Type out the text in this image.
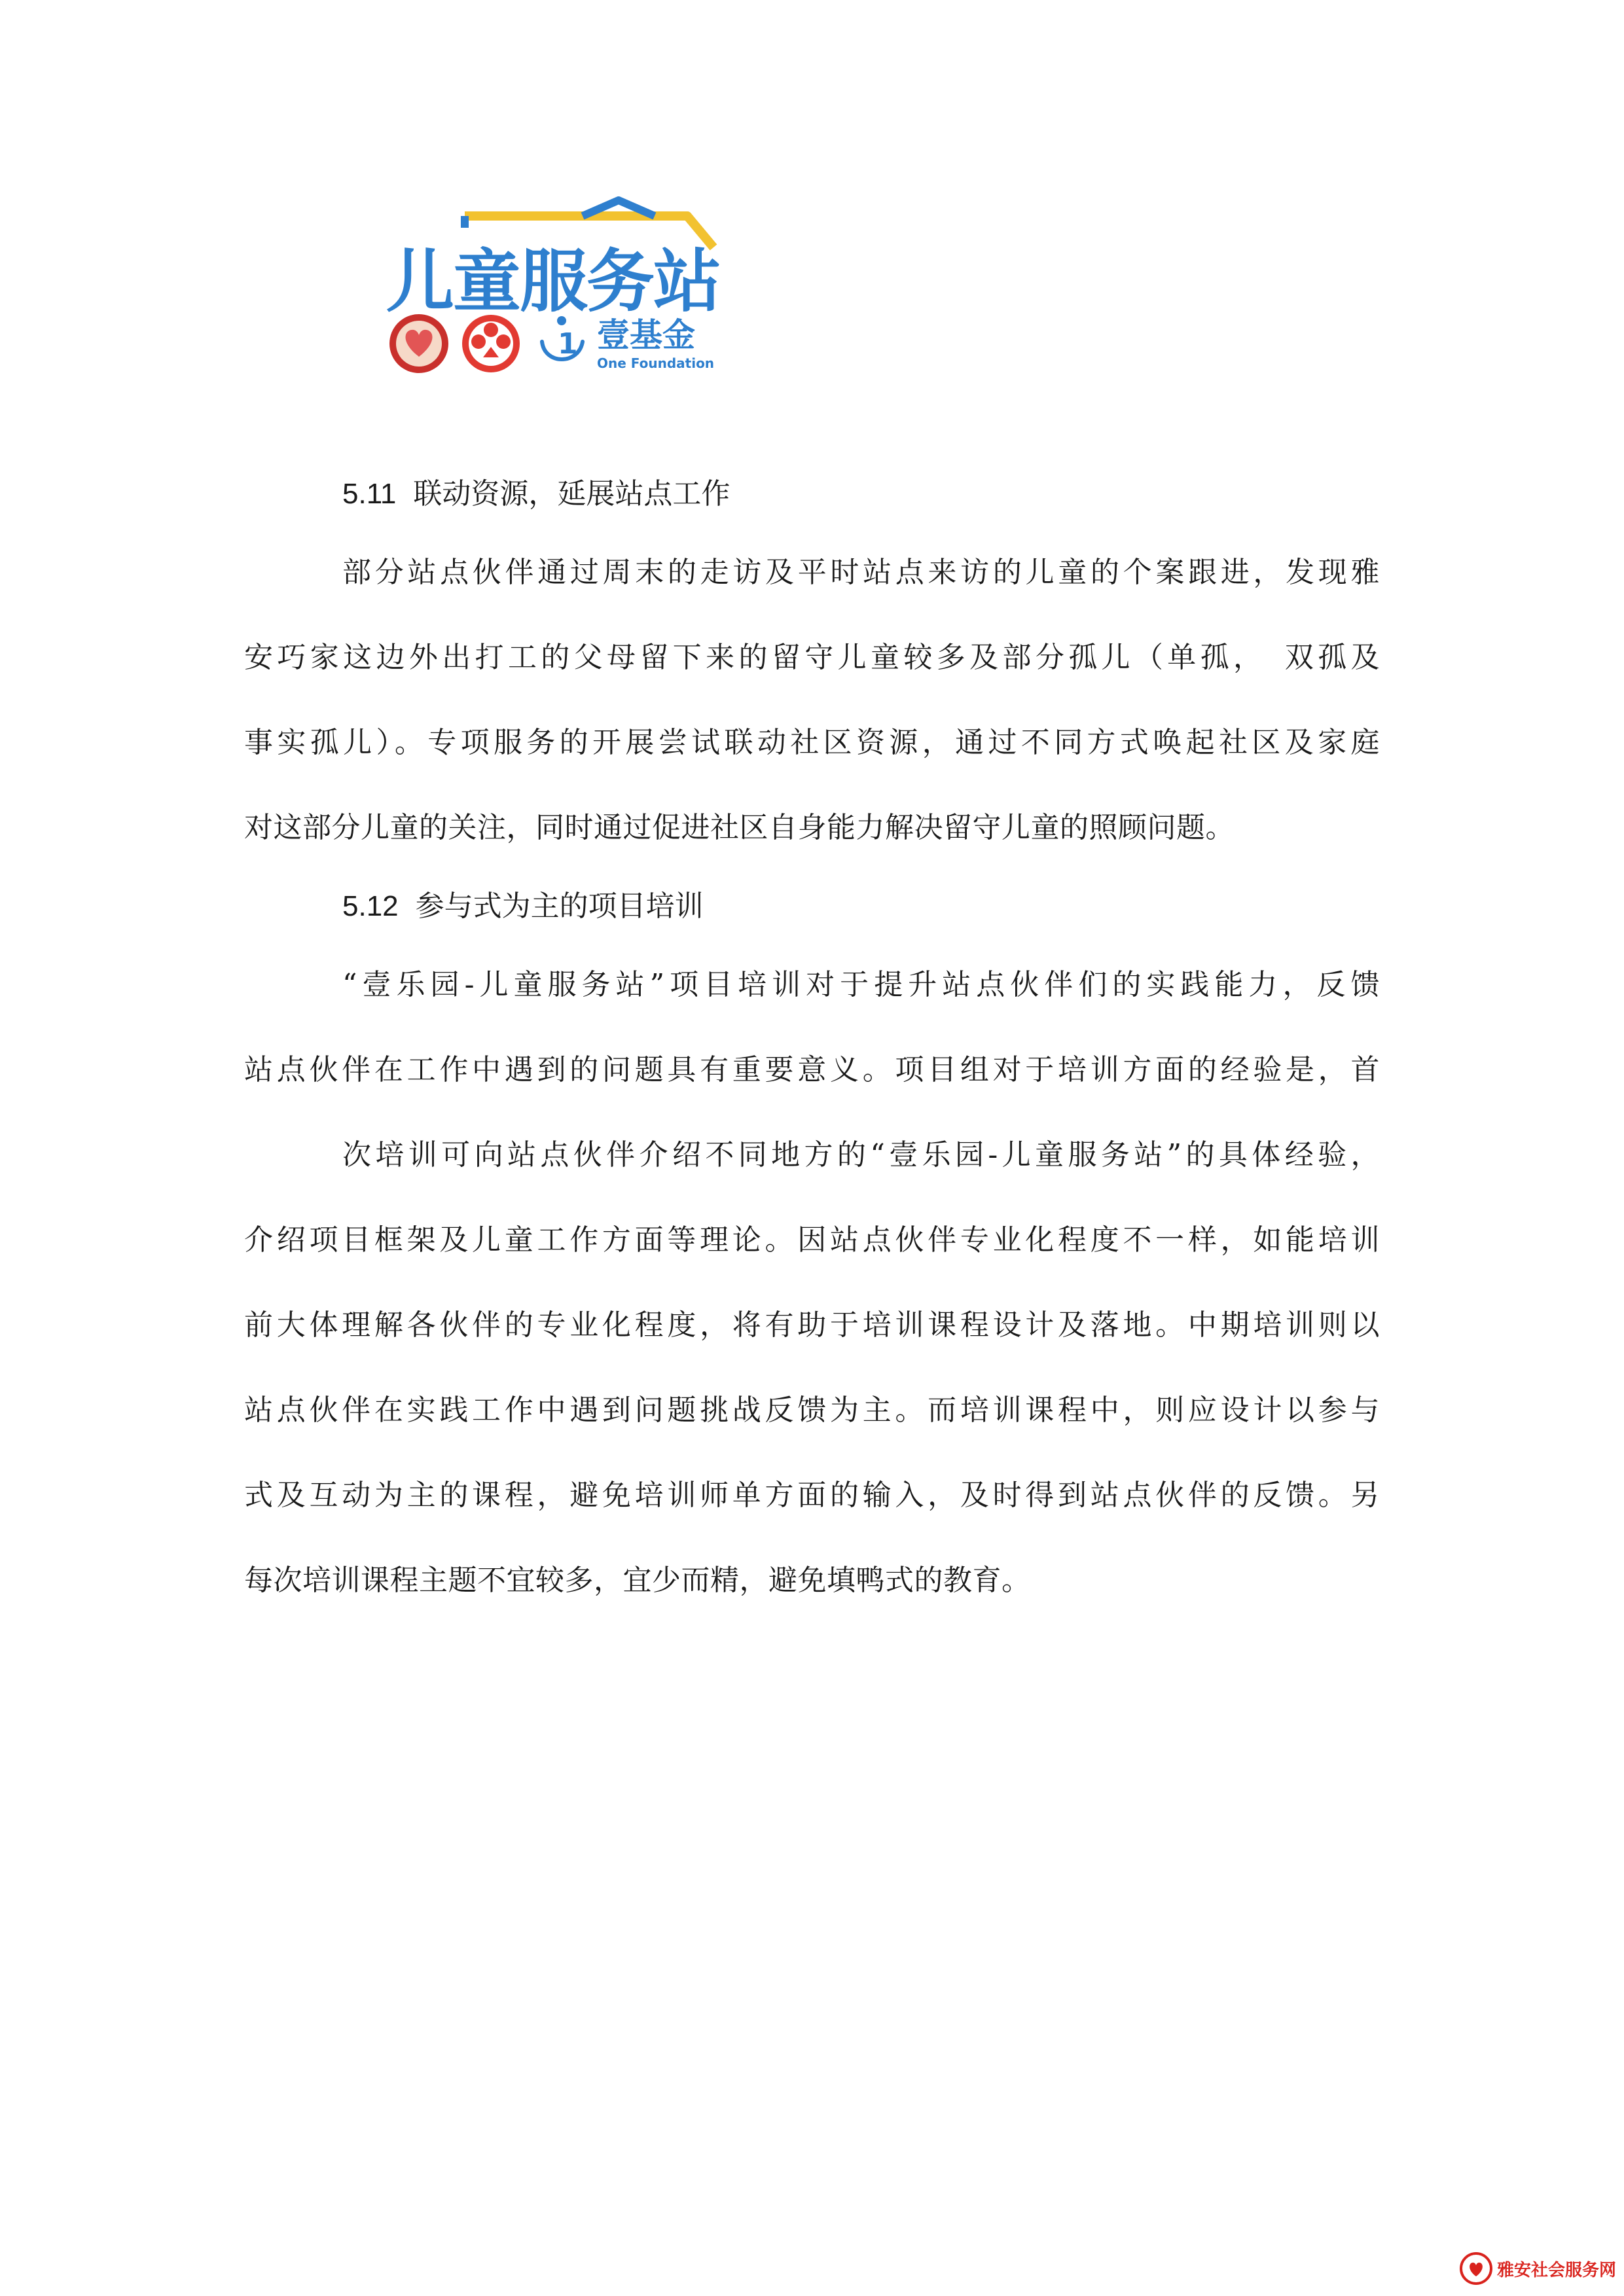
1
儿童服务站
壹基金
One Foundation
5.11 联动资源，延展站点工作

部分站点伙伴通过周末的走访及平时站点来访的儿童的个案跟进，发现雅
安巧家这边外出打工的父母留下来的留守儿童较多及部分孤儿（单孤，　双孤及
事实孤儿）。专项服务的开展尝试联动社区资源，通过不同方式唤起社区及家庭
对这部分儿童的关注，同时通过促进社区自身能力解决留守儿童的照顾问题。

5.12 参与式为主的项目培训

“壹乐园-儿童服务站”项目培训对于提升站点伙伴们的实践能力，反馈
站点伙伴在工作中遇到的问题具有重要意义。项目组对于培训方面的经验是，首
次培训可向站点伙伴介绍不同地方的“壹乐园-儿童服务站”的具体经验，
介绍项目框架及儿童工作方面等理论。因站点伙伴专业化程度不一样，如能培训
前大体理解各伙伴的专业化程度，将有助于培训课程设计及落地。中期培训则以
站点伙伴在实践工作中遇到问题挑战反馈为主。而培训课程中，则应设计以参与
式及互动为主的课程，避免培训师单方面的输入，及时得到站点伙伴的反馈。另
每次培训课程主题不宜较多，宜少而精，避免填鸭式的教育。

雅安社会服务网
